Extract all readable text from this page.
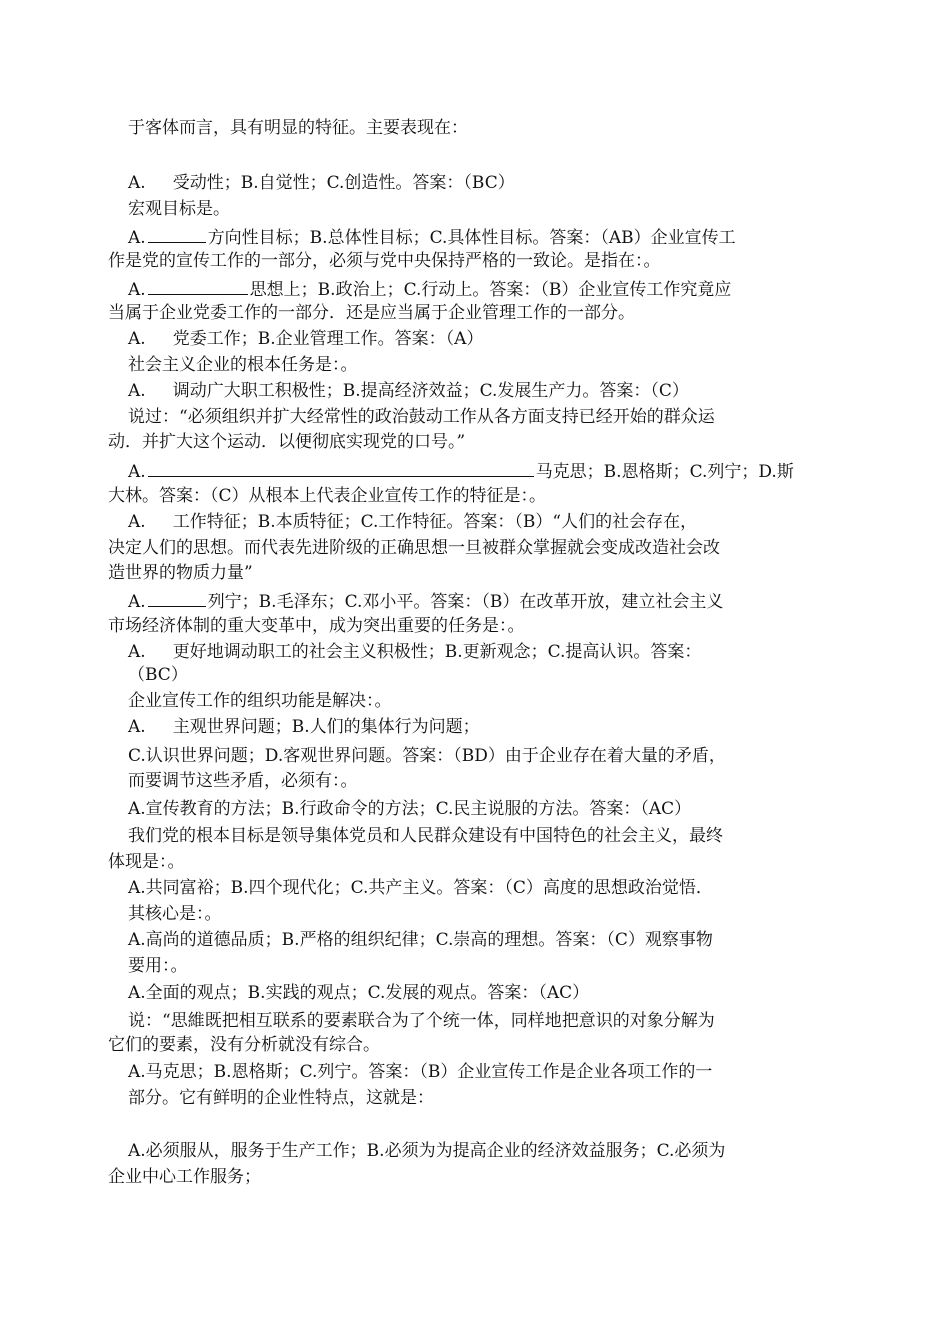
于客体而言，具有明显的特征。主要表现在：
A.     受动性；B.自觉性；C.创造性。答案：（BC）
宏观目标是。
A.	方向性目标；B.总体性目标；C.具体性目标。答案：（AB）企业宣传工
作是党的宣传工作的一部分，必须与党中央保持严格的一致论。是指在：。
A.	思想上；B.政治上；C.行动上。答案：（B）企业宣传工作究竟应
当属于企业党委工作的一部分．还是应当属于企业管理工作的一部分。
A.     党委工作；B.企业管理工作。答案：（A）
社会主义企业的根本任务是：。
A.     调动广大职工积极性；B.提高经济效益；C.发展生产力。答案：（C）
说过：“必须组织并扩大经常性的政治鼓动工作从各方面支持已经开始的群众运
动．并扩大这个运动．以便彻底实现党的口号。”
A.	马克思；B.恩格斯；C.列宁；D.斯
大林。答案：（C）从根本上代表企业宣传工作的特征是：。
A.     工作特征；B.本质特征；C.工作特征。答案：（B）“人们的社会存在，
决定人们的思想。而代表先进阶级的正确思想一旦被群众掌握就会变成改造社会改
造世界的物质力量”
A.	列宁；B.毛泽东；C.邓小平。答案：（B）在改革开放，建立社会主义
市场经济体制的重大变革中，成为突出重要的任务是：。
A.     更好地调动职工的社会主义积极性；B.更新观念；C.提高认识。答案：
（BC）
企业宣传工作的组织功能是解决：。
A.     主观世界问题；B.人们的集体行为问题；
C.认识世界问题；D.客观世界问题。答案：（BD）由于企业存在着大量的矛盾，
而要调节这些矛盾，必须有：。
A.宣传教育的方法；B.行政命令的方法；C.民主说服的方法。答案：（AC）
我们党的根本目标是领导集体党员和人民群众建设有中国特色的社会主义，最终
体现是：。
A.共同富裕；B.四个现代化；C.共产主义。答案：（C）高度的思想政治觉悟．
其核心是：。
A.高尚的道德品质；B.严格的组织纪律；C.崇高的理想。答案：（C）观察事物
要用：。
A.全面的观点；B.实践的观点；C.发展的观点。答案：（AC）
说：“思維既把相互联系的要素联合为了个统一体，同样地把意识的对象分解为
它们的要素，没有分析就没有综合。
A.马克思；B.恩格斯；C.列宁。答案：（B）企业宣传工作是企业各项工作的一
部分。它有鲜明的企业性特点，这就是：
A.必须服从，服务于生产工作；B.必须为为提高企业的经济效益服务；C.必须为
企业中心工作服务；
